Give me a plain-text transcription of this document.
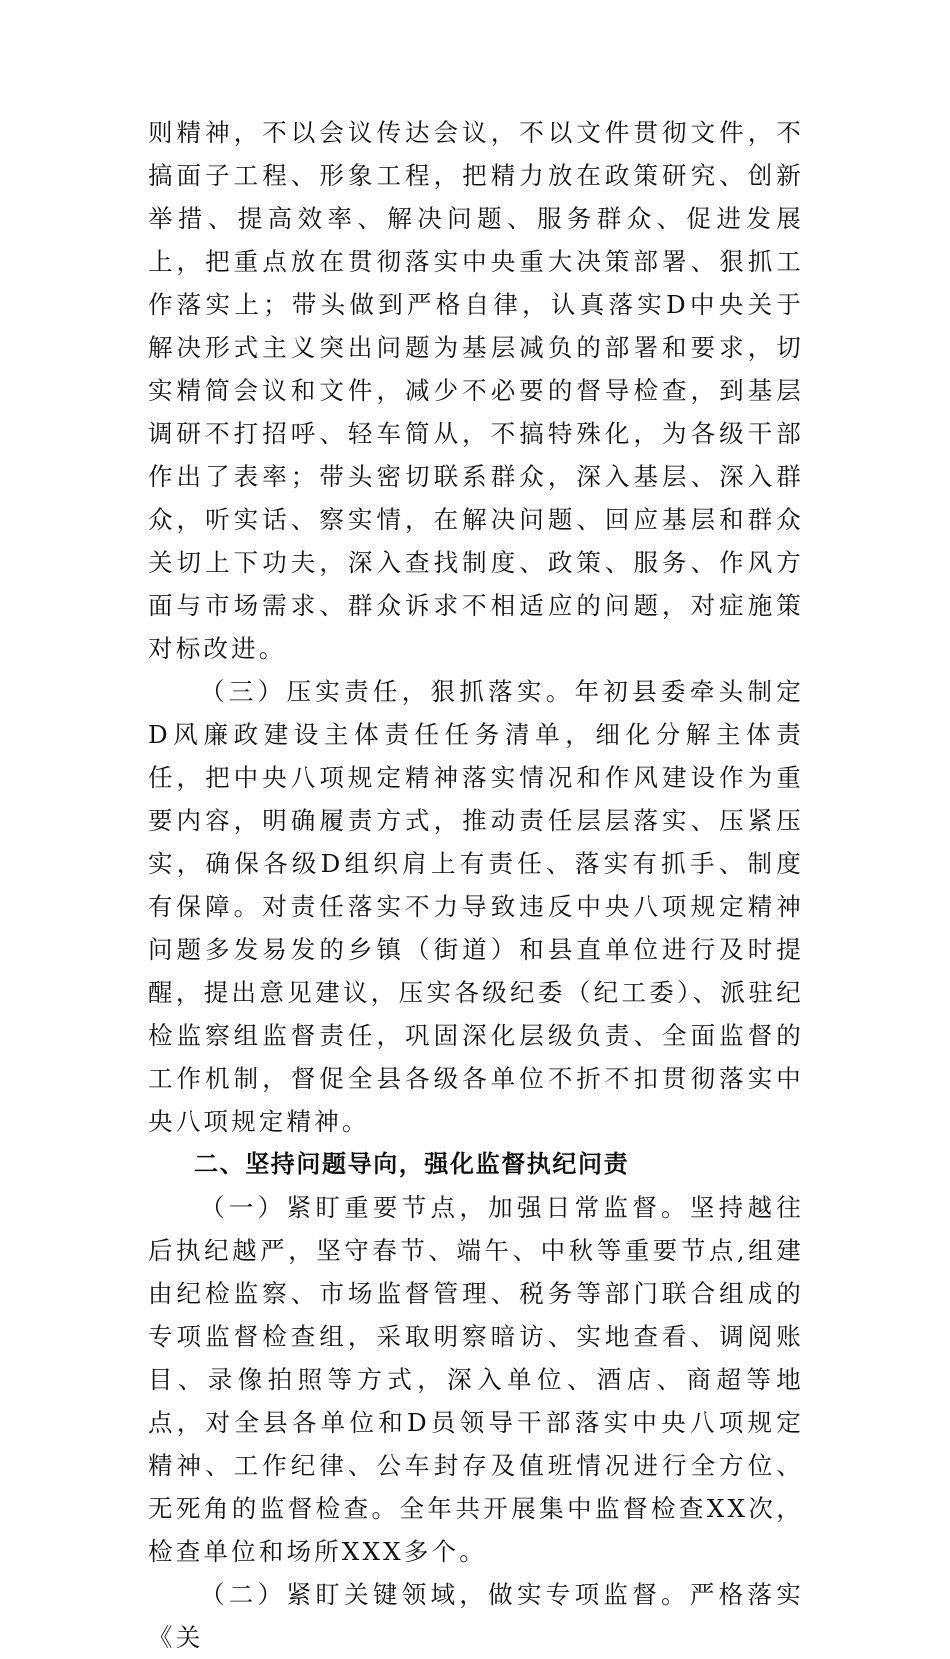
则精神，不以会议传达会议，不以文件贯彻文件，不搞面子工程、形象工程，把精力放在政策研究、创新举措、提高效率、解决问题、服务群众、促进发展上，把重点放在贯彻落实中央重大决策部署、狠抓工作落实上；带头做到严格自律，认真落实D中央关于解决形式主义突出问题为基层减负的部署和要求，切实精简会议和文件，减少不必要的督导检查，到基层调研不打招呼、轻车简从，不搞特殊化，为各级干部作出了表率；带头密切联系群众，深入基层、深入群众，听实话、察实情，在解决问题、回应基层和群众关切上下功夫，深入查找制度、政策、服务、作风方面与市场需求、群众诉求不相适应的问题，对症施策对标改进。

（三）压实责任，狠抓落实。年初县委牵头制定D风廉政建设主体责任任务清单，细化分解主体责任，把中央八项规定精神落实情况和作风建设作为重要内容，明确履责方式，推动责任层层落实、压紧压实，确保各级D组织肩上有责任、落实有抓手、制度有保障。对责任落实不力导致违反中央八项规定精神问题多发易发的乡镇（街道）和县直单位进行及时提醒，提出意见建议，压实各级纪委（纪工委）、派驻纪检监察组监督责任，巩固深化层级负责、全面监督的工作机制，督促全县各级各单位不折不扣贯彻落实中央八项规定精神。

二、坚持问题导向，强化监督执纪问责

（一）紧盯重要节点，加强日常监督。坚持越往后执纪越严，坚守春节、端午、中秋等重要节点,组建由纪检监察、市场监督管理、税务等部门联合组成的专项监督检查组，采取明察暗访、实地查看、调阅账目、录像拍照等方式，深入单位、酒店、商超等地点，对全县各单位和D员领导干部落实中央八项规定精神、工作纪律、公车封存及值班情况进行全方位、无死角的监督检查。全年共开展集中监督检查XX次，检查单位和场所XXX多个。

（二）紧盯关键领域，做实专项监督。严格落实《关
